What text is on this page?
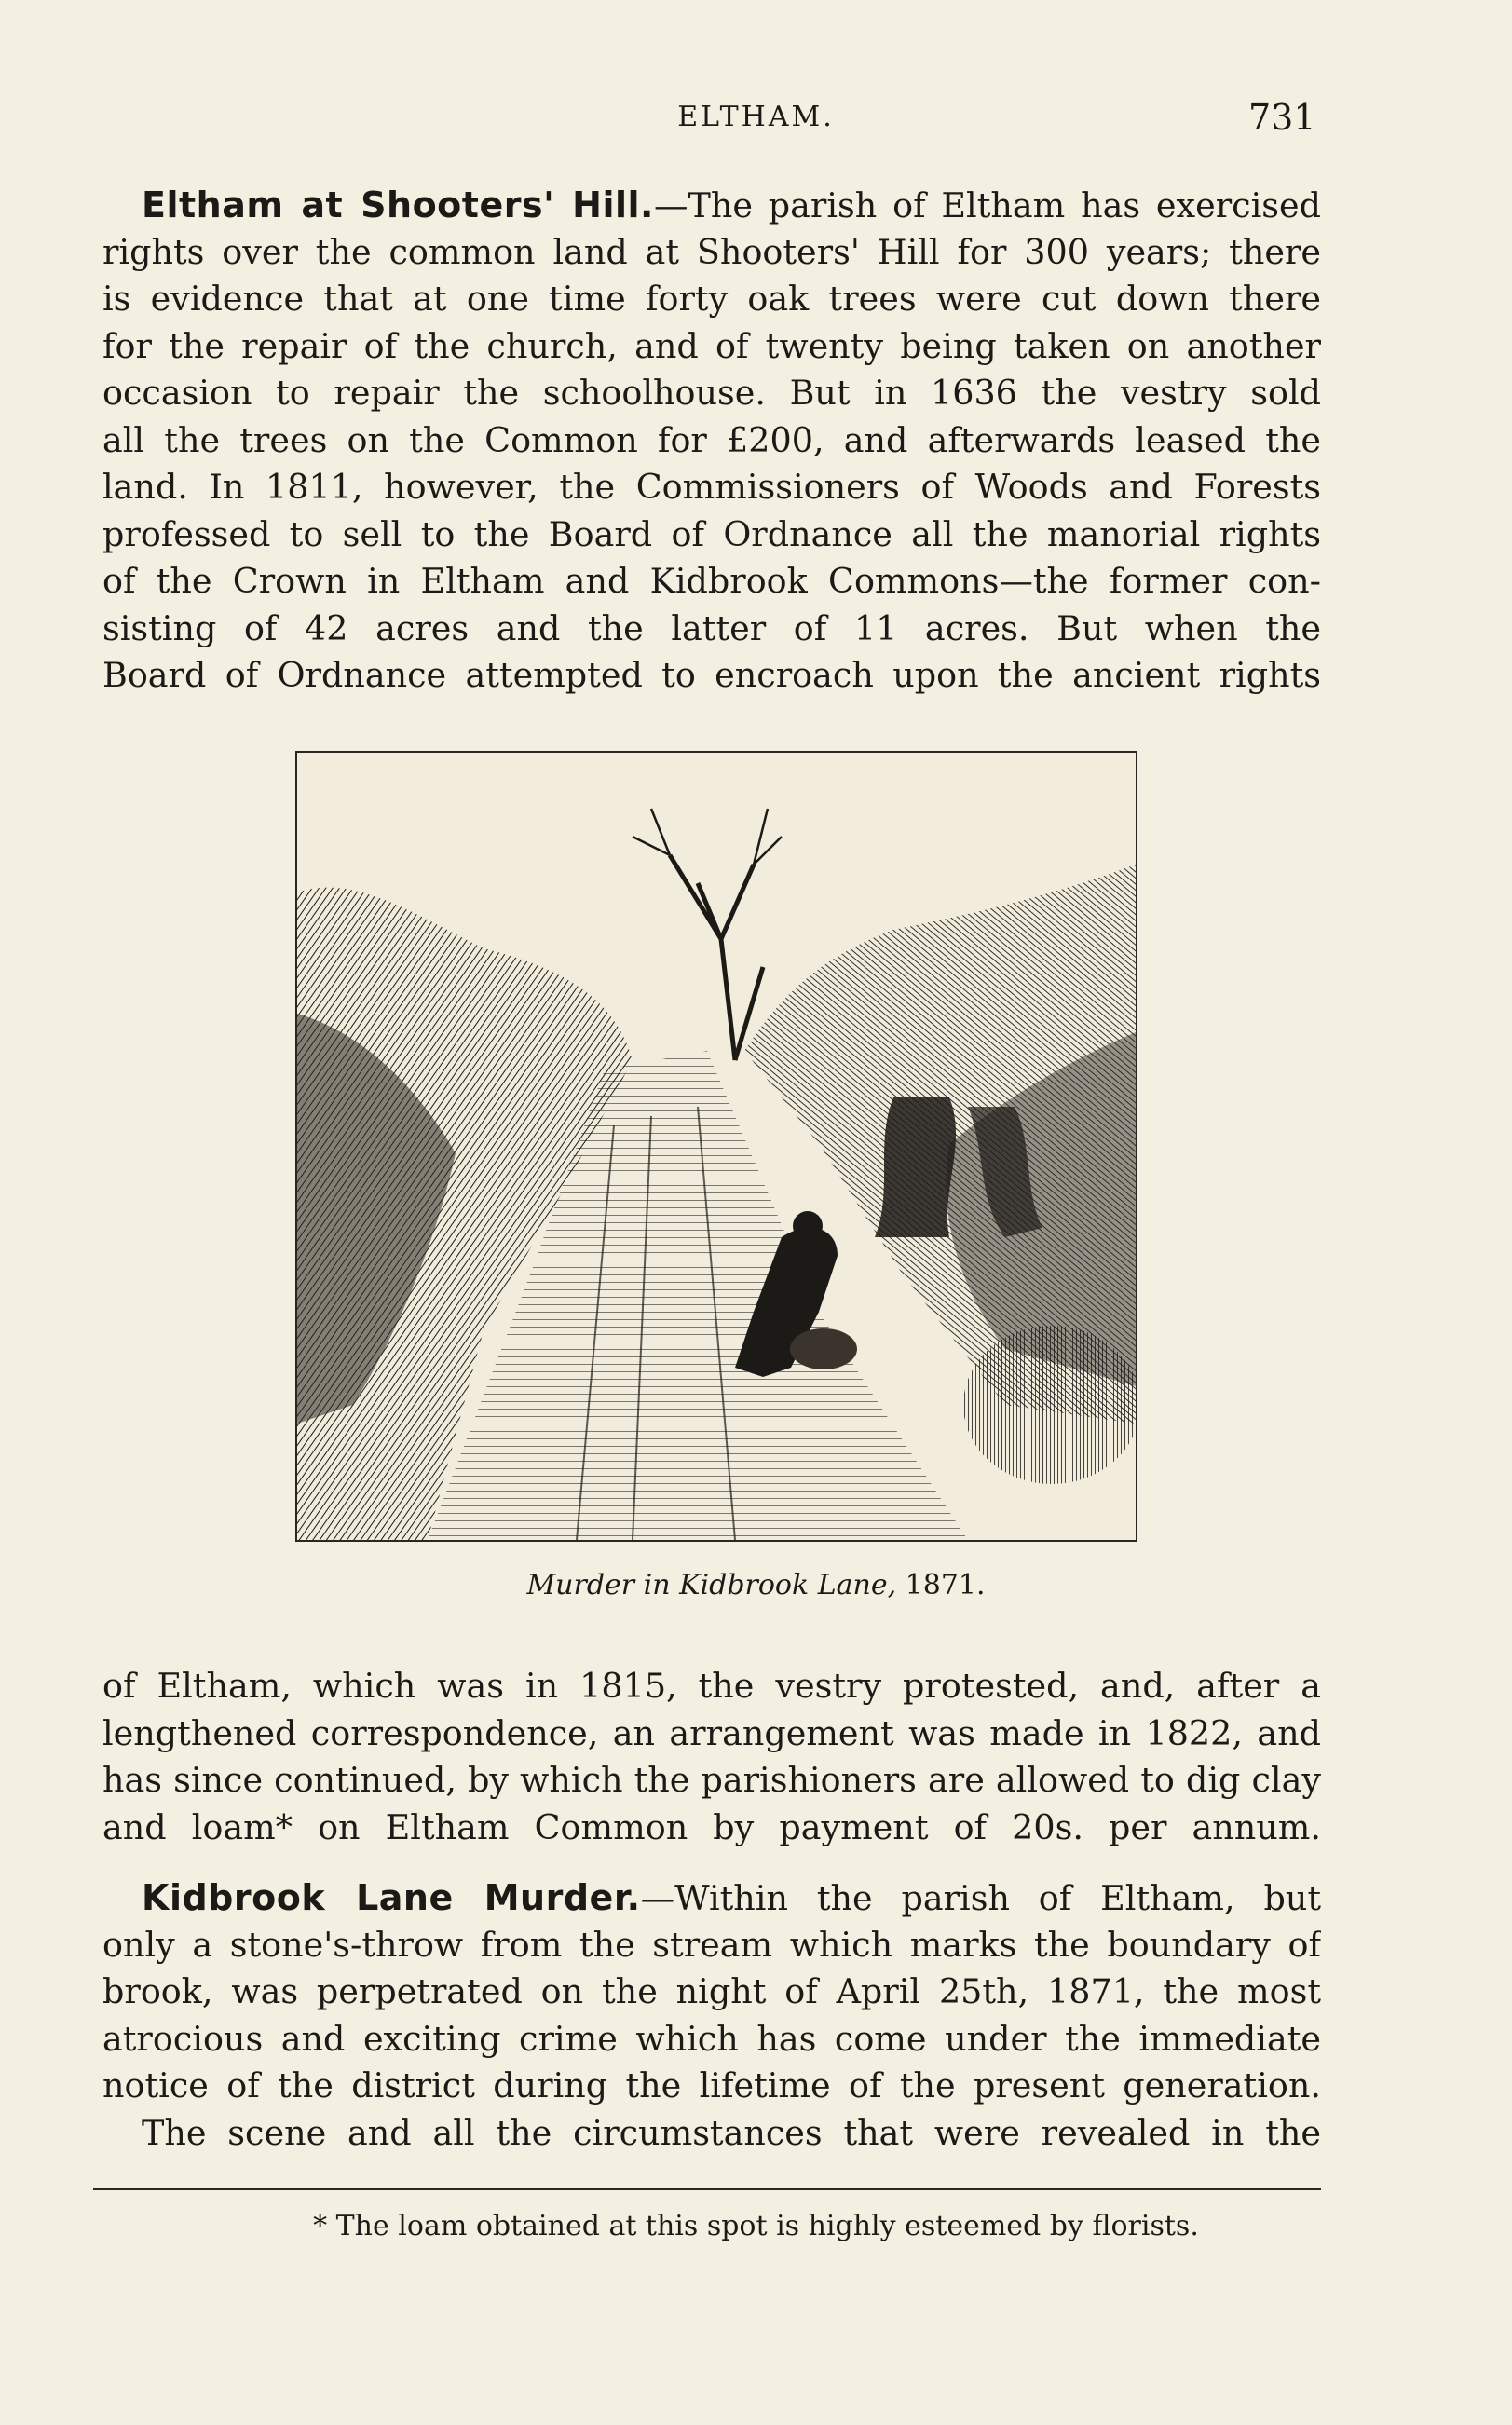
ELTHAM.	731
Eltham at Shooters' Hill.—The parish of Eltham has exercised
rights over the common land at Shooters' Hill for 300 years; there
is evidence that at one time forty oak trees were cut down there
for the repair of the church, and of twenty being taken on another
occasion to repair the schoolhouse. But in 1636 the vestry sold
all the trees on the Common for £200, and afterwards leased the
land. In 1811, however, the Commissioners of Woods and Forests
professed to sell to the Board of Ordnance all the manorial rights
of the Crown in Eltham and Kidbrook Commons—the former con-
sisting of 42 acres and the latter of 11 acres. But when the
Board of Ordnance attempted to encroach upon the ancient rights
Murder in Kidbrook Lane, 1871.
of Eltham, which was in 1815, the vestry protested, and, after a
lengthened correspondence, an arrangement was made in 1822, and
has since continued, by which the parishioners are allowed to dig clay
and loam* on Eltham Common by payment of 20s. per annum.
Kidbrook Lane Murder.—Within the parish of Eltham, but
only a stone's-throw from the stream which marks the boundary of
brook, was perpetrated on the night of April 25th, 1871, the most
atrocious and exciting crime which has come under the immediate
notice of the district during the lifetime of the present generation.
The scene and all the circumstances that were revealed in the
* The loam obtained at this spot is highly esteemed by florists.
